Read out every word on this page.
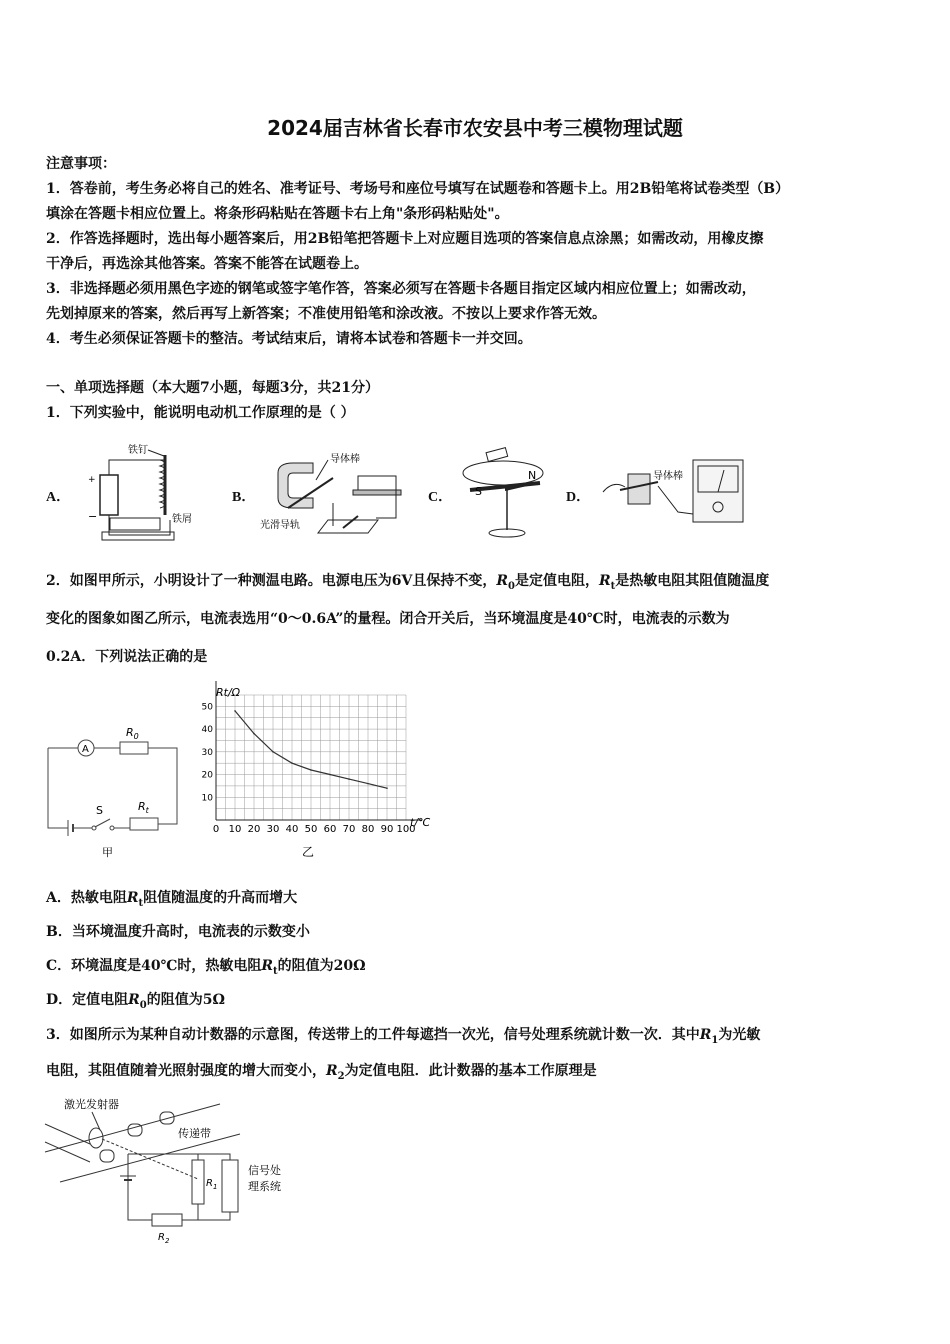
2024届吉林省长春市农安县中考三模物理试题
注意事项：
1．答卷前，考生务必将自己的姓名、准考证号、考场号和座位号填写在试题卷和答题卡上。用2B铅笔将试卷类型（B）
填涂在答题卡相应位置上。将条形码粘贴在答题卡右上角"条形码粘贴处"。
2．作答选择题时，选出每小题答案后，用2B铅笔把答题卡上对应题目选项的答案信息点涂黑；如需改动，用橡皮擦
干净后，再选涂其他答案。答案不能答在试题卷上。
3．非选择题必须用黑色字迹的钢笔或签字笔作答，答案必须写在答题卡各题目指定区域内相应位置上；如需改动，
先划掉原来的答案，然后再写上新答案；不准使用铅笔和涂改液。不按以上要求作答无效。
4．考生必须保证答题卡的整洁。考试结束后，请将本试卷和答题卡一并交回。
一、单项选择题（本大题7小题，每题3分，共21分）
1．下列实验中，能说明电动机工作原理的是（ ）
A．	B．	C．	D．
+
−
铁钉
铁屑
导体棒
光滑导轨
S
N	导体棒
2．如图甲所示，小明设计了一种测温电路。电源电压为6V且保持不变，$R_0$是定值电阻，$R_t$是热敏电阻其阻值随温度
变化的图象如图乙所示，电流表选用“0～0.6A”的量程。闭合开关后，当环境温度是40℃时，电流表的示数为
0.2A．下列说法正确的是
A
$R_0$
S	$R_t$
甲
0 10 20 30 40 50 60 70 80 90 100
10
20
30
40
50
Rt/Ω
t/℃
乙
A．热敏电阻$R_t$阻值随温度的升高而增大
B．当环境温度升高时，电流表的示数变小
C．环境温度是40℃时，热敏电阻$R_t$的阻值为20Ω
D．定值电阻$R_0$的阻值为5Ω
3．如图所示为某种自动计数器的示意图，传送带上的工件每遮挡一次光，信号处理系统就计数一次．其中$R_1$为光敏
电阻，其阻值随着光照射强度的增大而变小，$R_2$为定值电阻．此计数器的基本工作原理是
激光发射器
传递带
$R_1$
$R_2$
信号处
理系统
